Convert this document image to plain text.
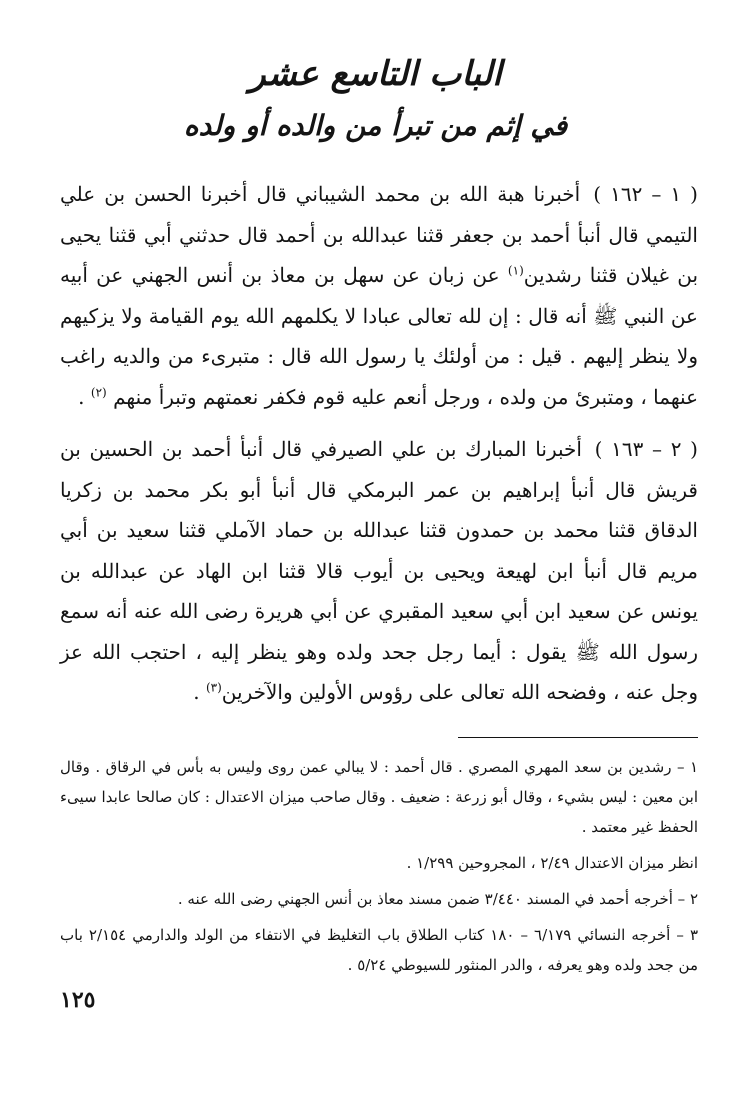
الباب التاسع عشر
في إثم من تبرأ من والده أو ولده

( ١ – ١٦٢ ) أخبرنا هبة الله بن محمد الشيباني قال أخبرنا الحسن بن علي التيمي قال أنبأ أحمد بن جعفر قثنا عبدالله بن أحمد قال حدثني أبي قثنا يحيى بن غيلان قثنا رشدين$^{(١)}$ عن زبان عن سهل بن معاذ بن أنس الجهني عن أبيه عن النبي ﷺ أنه قال : إن لله تعالى عبادا لا يكلمهم الله يوم القيامة ولا يزكيهم ولا ينظر إليهم . قيل : من أولئك يا رسول الله قال : متبرىء من والديه راغب عنهما ، ومتبرئ من ولده ، ورجل أنعم عليه قوم فكفر نعمتهم وتبرأ منهم $^{(٢)}$ .

( ٢ – ١٦٣ ) أخبرنا المبارك بن علي الصيرفي قال أنبأ أحمد بن الحسين بن قريش قال أنبأ إبراهيم بن عمر البرمكي قال أنبأ أبو بكر محمد بن زكريا الدقاق قثنا محمد بن حمدون قثنا عبدالله بن حماد الآملي قثنا سعيد بن أبي مريم قال أنبأ ابن لهيعة ويحيى بن أيوب قالا قثنا ابن الهاد عن عبدالله بن يونس عن سعيد ابن أبي سعيد المقبري عن أبي هريرة رضى الله عنه أنه سمع رسول الله ﷺ يقول : أيما رجل جحد ولده وهو ينظر إليه ، احتجب الله عز وجل عنه ، وفضحه الله تعالى على رؤوس الأولين والآخرين$^{(٣)}$ .

١ – رشدين بن سعد المهري المصري . قال أحمد : لا يبالي عمن روى وليس به بأس في الرقاق . وقال ابن معين : ليس بشيء ، وقال أبو زرعة : ضعيف . وقال صاحب ميزان الاعتدال : كان صالحا عابدا سيىء الحفظ غير معتمد .

انظر ميزان الاعتدال ٢/٤٩ ، المجروحين ١/٢٩٩ .

٢ – أخرجه أحمد في المسند ٣/٤٤٠ ضمن مسند معاذ بن أنس الجهني رضى الله عنه .

٣ – أخرجه النسائي ٦/١٧٩ – ١٨٠ كتاب الطلاق باب التغليظ في الانتفاء من الولد والدارمي ٢/١٥٤ باب من جحد ولده وهو يعرفه ، والدر المنثور للسيوطي ٥/٢٤ .

١٢٥
